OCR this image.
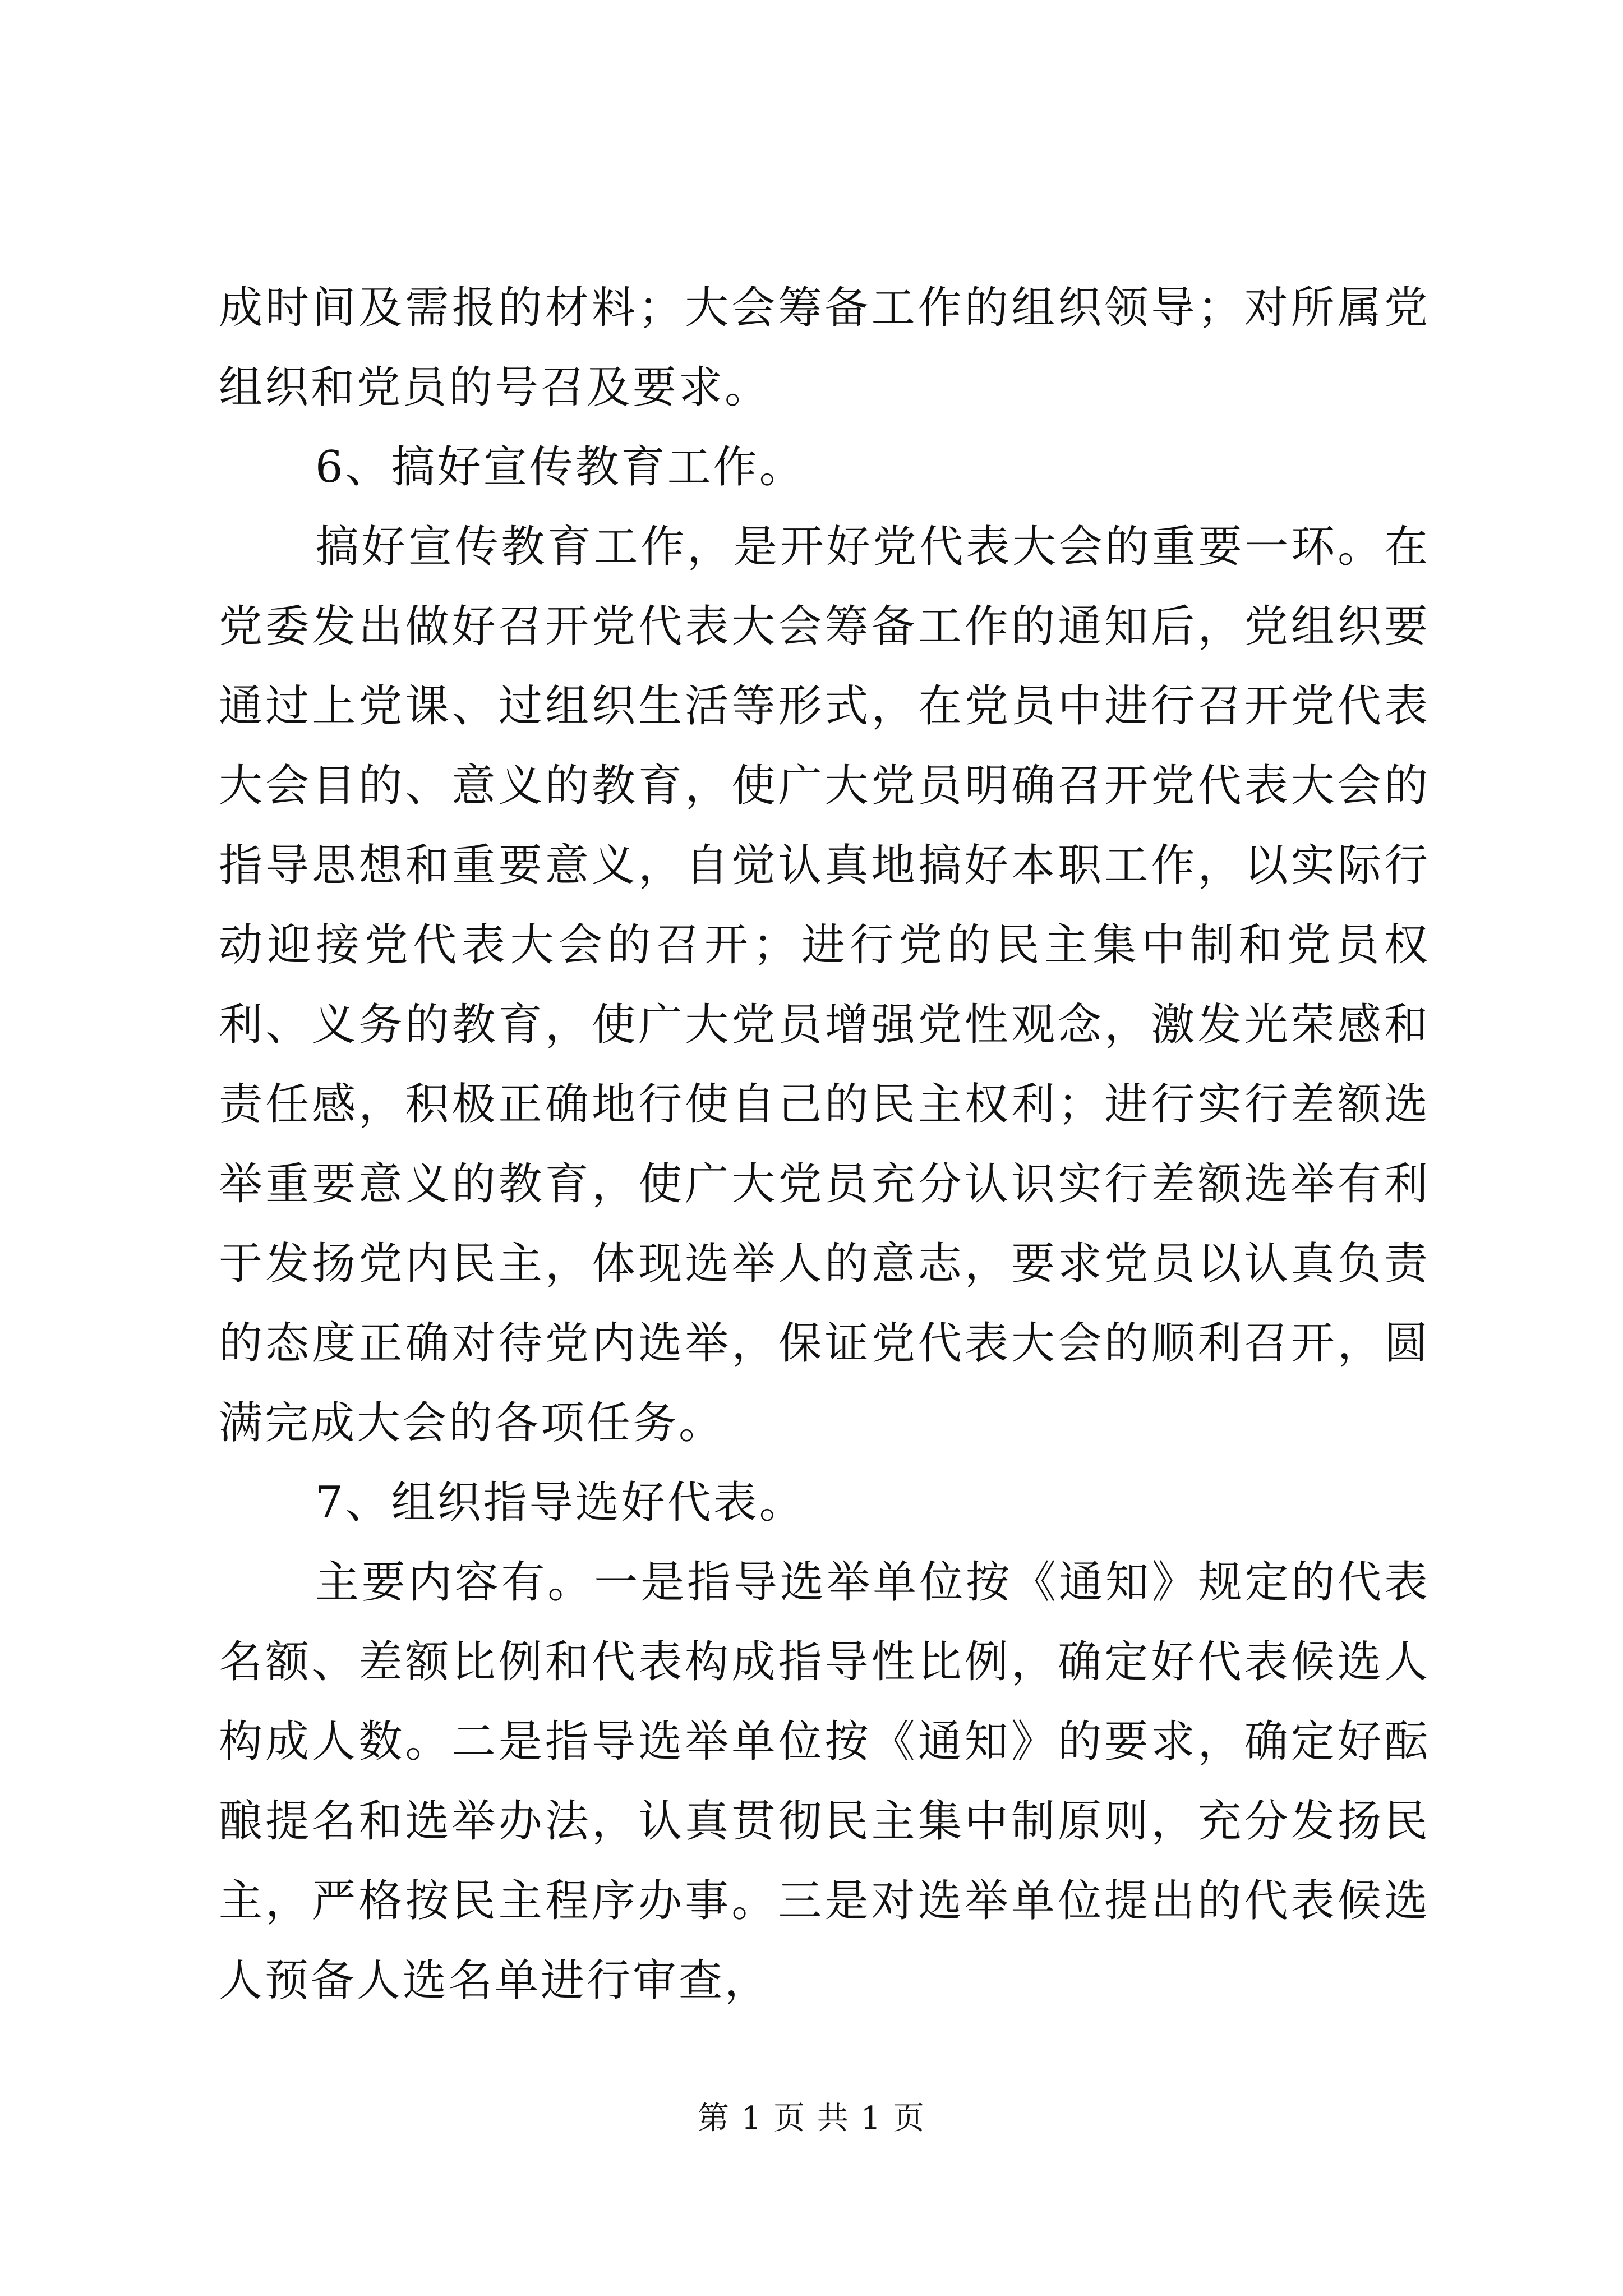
成时间及需报的材料；大会筹备工作的组织领导；对所属党组织和党员的号召及要求。

6、搞好宣传教育工作。

搞好宣传教育工作，是开好党代表大会的重要一环。在党委发出做好召开党代表大会筹备工作的通知后，党组织要通过上党课、过组织生活等形式，在党员中进行召开党代表大会目的、意义的教育，使广大党员明确召开党代表大会的指导思想和重要意义，自觉认真地搞好本职工作，以实际行动迎接党代表大会的召开；进行党的民主集中制和党员权利、义务的教育，使广大党员增强党性观念，激发光荣感和责任感，积极正确地行使自己的民主权利；进行实行差额选举重要意义的教育，使广大党员充分认识实行差额选举有利于发扬党内民主，体现选举人的意志，要求党员以认真负责的态度正确对待党内选举，保证党代表大会的顺利召开，圆满完成大会的各项任务。

7、组织指导选好代表。

主要内容有。一是指导选举单位按《通知》规定的代表名额、差额比例和代表构成指导性比例，确定好代表候选人构成人数。二是指导选举单位按《通知》的要求，确定好酝酿提名和选举办法，认真贯彻民主集中制原则，充分发扬民主，严格按民主程序办事。三是对选举单位提出的代表候选人预备人选名单进行审查，

第 1 页 共 1 页
